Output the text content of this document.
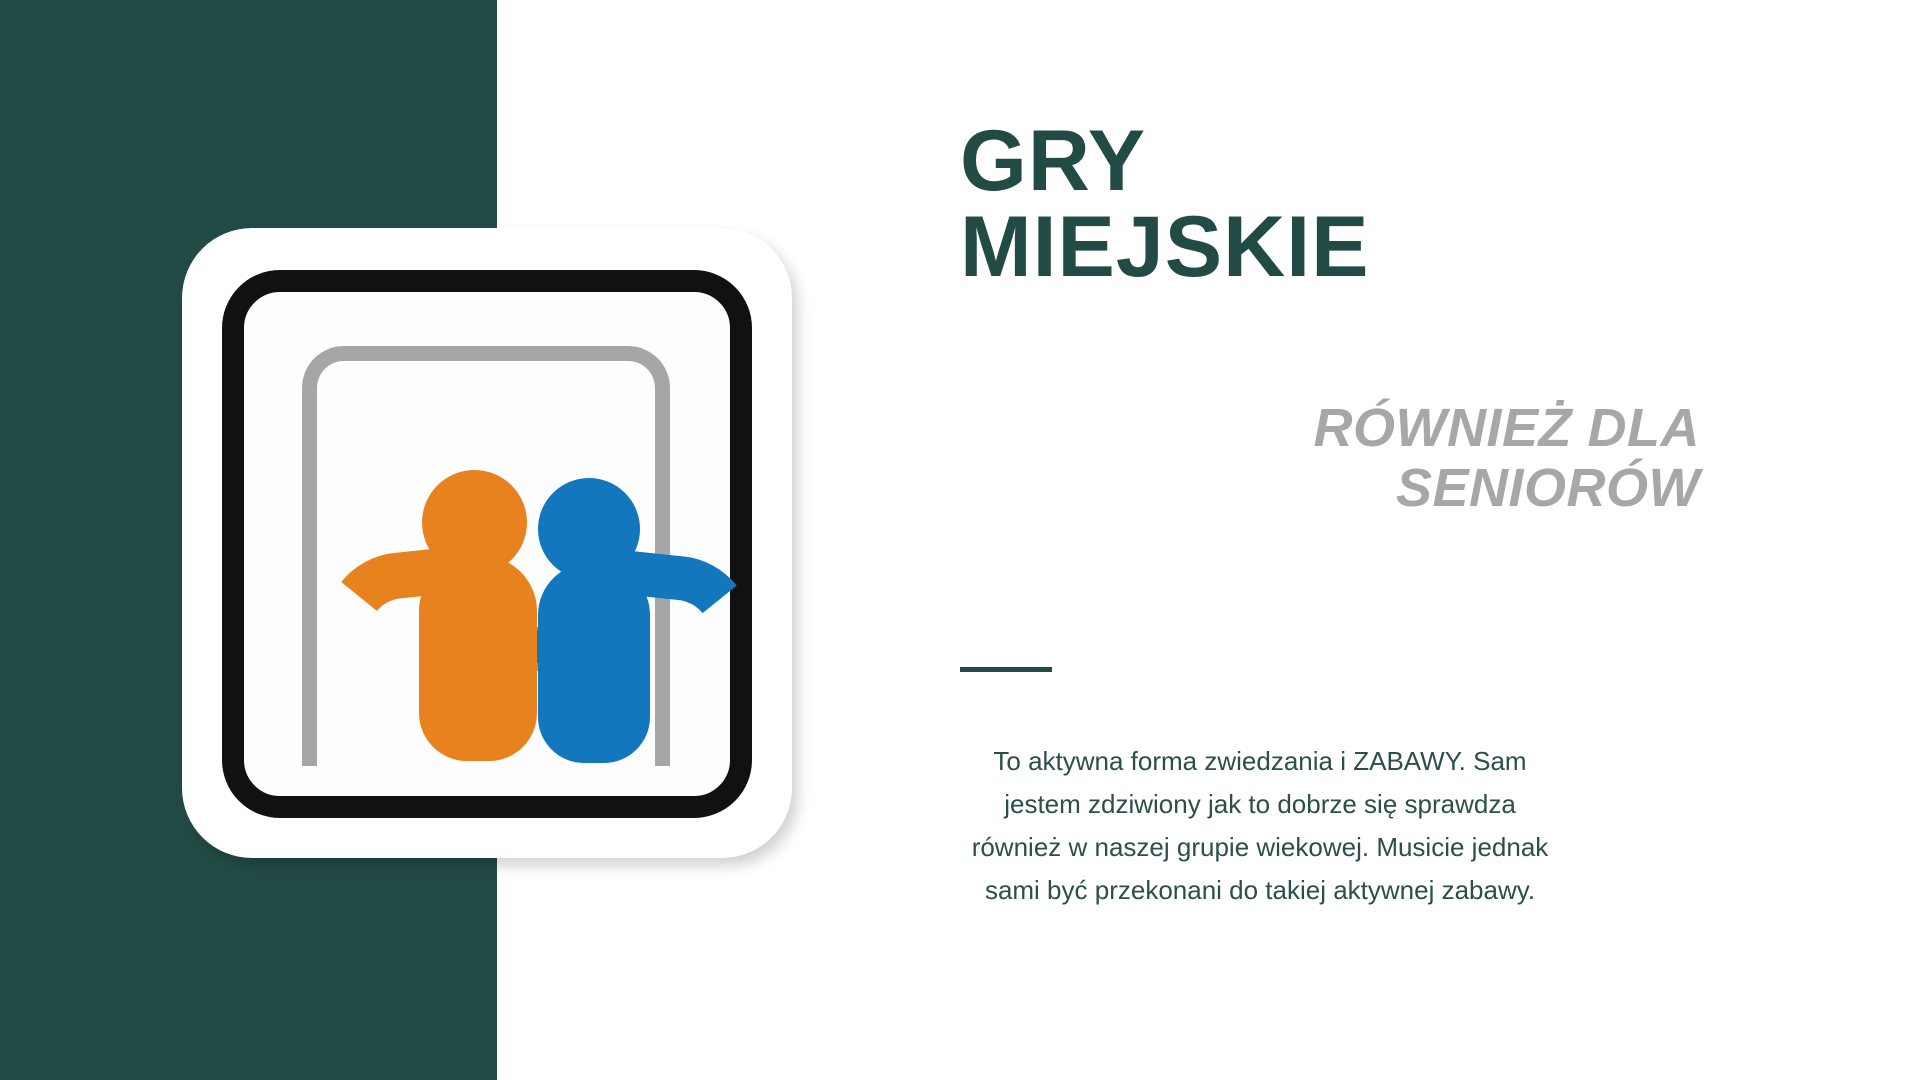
GRY
MIEJSKIE
RÓWNIEŻ DLA
SENIORÓW
To aktywna forma zwiedzania i ZABAWY. Sam jestem zdziwiony jak to dobrze się sprawdza również w naszej grupie wiekowej. Musicie jednak sami być przekonani do takiej aktywnej zabawy.
